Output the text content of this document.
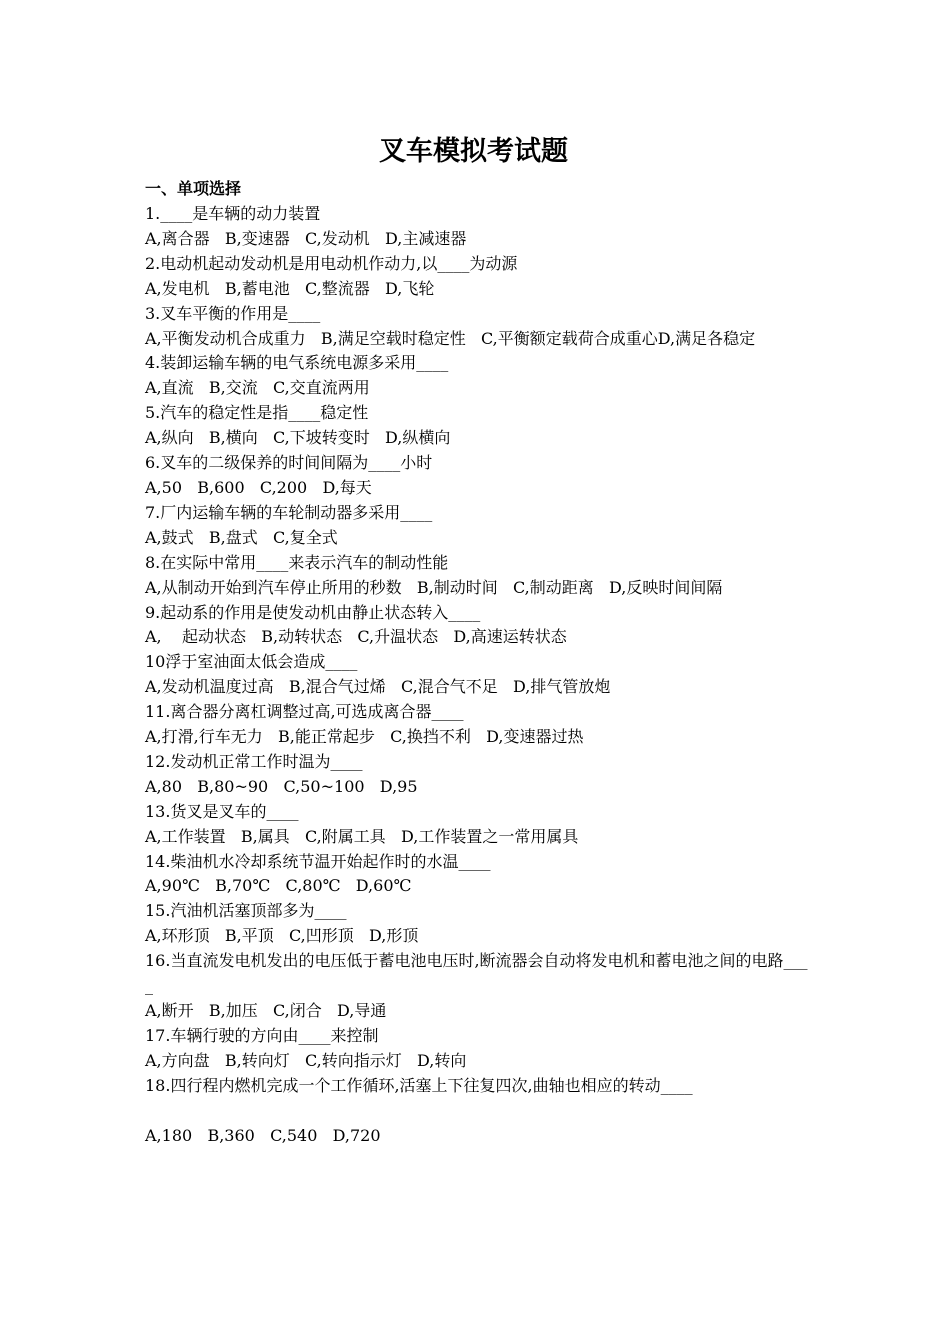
叉车模拟考试题
一、单项选择
1.____是车辆的动力装置
A,离合器   B,变速器   C,发动机   D,主减速器
2.电动机起动发动机是用电动机作动力,以____为动源
A,发电机   B,蓄电池   C,整流器   D,飞轮
3.叉车平衡的作用是____
A,平衡发动机合成重力   B,满足空载时稳定性   C,平衡额定载荷合成重心D,满足各稳定
4.装卸运输车辆的电气系统电源多采用____
A,直流   B,交流   C,交直流两用
5.汽车的稳定性是指____稳定性
A,纵向   B,横向   C,下坡转变时   D,纵横向
6.叉车的二级保养的时间间隔为____小时
A,50   B,600   C,200   D,每天
7.厂内运输车辆的车轮制动器多采用____
A,鼓式   B,盘式   C,复全式
8.在实际中常用____来表示汽车的制动性能
A,从制动开始到汽车停止所用的秒数   B,制动时间   C,制动距离   D,反映时间间隔
9.起动系的作用是使发动机由静止状态转入____
A,    起动状态   B,动转状态   C,升温状态   D,高速运转状态
10浮于室油面太低会造成____
A,发动机温度过高   B,混合气过烯   C,混合气不足   D,排气管放炮
11.离合器分离杠调整过高,可选成离合器____
A,打滑,行车无力   B,能正常起步   C,换挡不利   D,变速器过热
12.发动机正常工作时温为____
A,80   B,80~90   C,50~100   D,95
13.货叉是叉车的____
A,工作装置   B,属具   C,附属工具   D,工作装置之一常用属具
14.柴油机水冷却系统节温开始起作时的水温____
A,90℃   B,70℃   C,80℃   D,60℃
15.汽油机活塞顶部多为____
A,环形顶   B,平顶   C,凹形顶   D,形顶
16.当直流发电机发出的电压低于蓄电池电压时,断流器会自动将发电机和蓄电池之间的电路____
A,断开   B,加压   C,闭合   D,导通
17.车辆行驶的方向由____来控制
A,方向盘   B,转向灯   C,转向指示灯   D,转向
18.四行程内燃机完成一个工作循环,活塞上下往复四次,曲轴也相应的转动____
A,180   B,360   C,540   D,720
